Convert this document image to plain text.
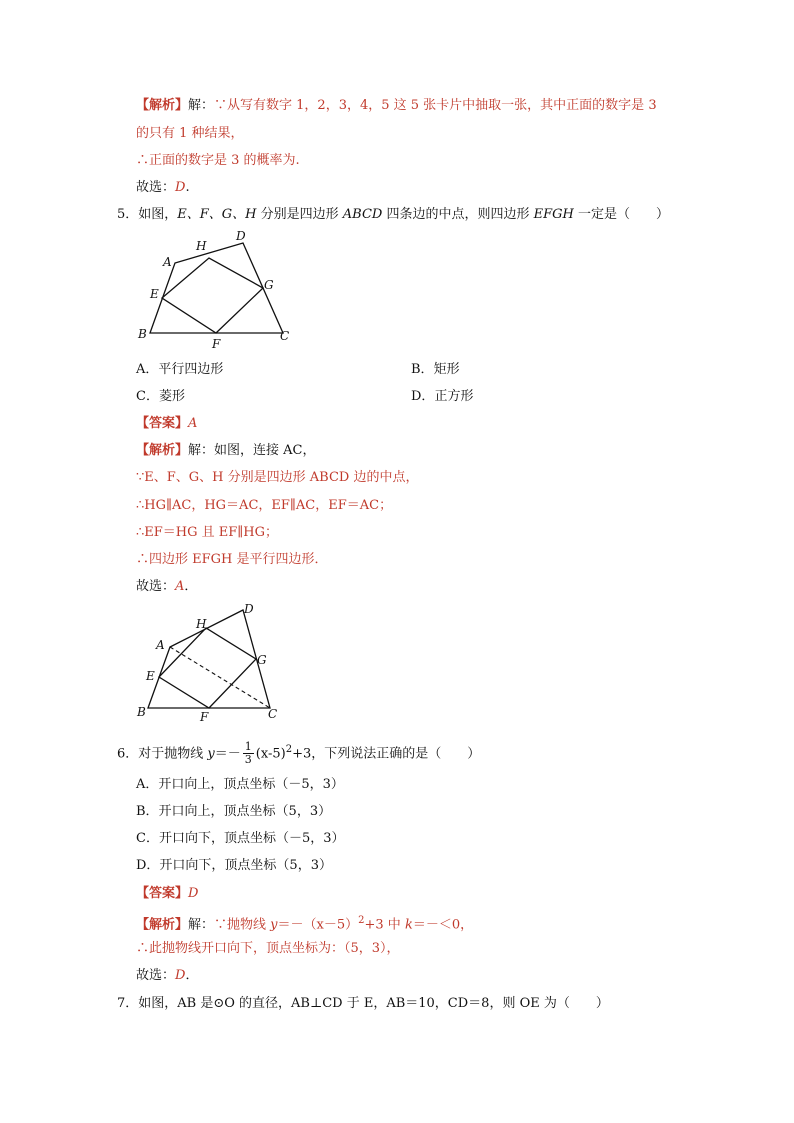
【解析】解：∵从写有数字 1，2，3，4，5 这 5 张卡片中抽取一张，其中正面的数字是 3
的只有 1 种结果，
∴正面的数字是 3 的概率为.
故选：D.
5．如图，E、F、G、H 分别是四边形 ABCD 四条边的中点，则四边形 EFGH 一定是（　　）
A
B	C
D
E
F
G
H
A．平行四边形	B．矩形
C．菱形	D．正方形
【答案】A
【解析】解：如图，连接 AC，
∵E、F、G、H 分别是四边形 ABCD 边的中点，
∴HG∥AC，HG＝AC，EF∥AC，EF＝AC；
∴EF＝HG 且 EF∥HG；
∴四边形 EFGH 是平行四边形．
故选：A．
A
B	C
D
E
F
G
H
6．对于抛物线 $y=- \frac{1}{3} (x-5)^2+3$，下列说法正确的是（　　）
A．开口向上，顶点坐标（－5，3）
B．开口向上，顶点坐标（5，3）
C．开口向下，顶点坐标（－5，3）
D．开口向下，顶点坐标（5，3）
【答案】D
【解析】解：∵抛物线 $y=-(x-5)^2+3$ 中 k＝－＜0，
∴此抛物线开口向下，顶点坐标为：（5，3），
故选：D．
7．如图，AB 是⊙O 的直径，AB⊥CD 于 E，AB＝10，CD＝8，则 OE 为（　　）
